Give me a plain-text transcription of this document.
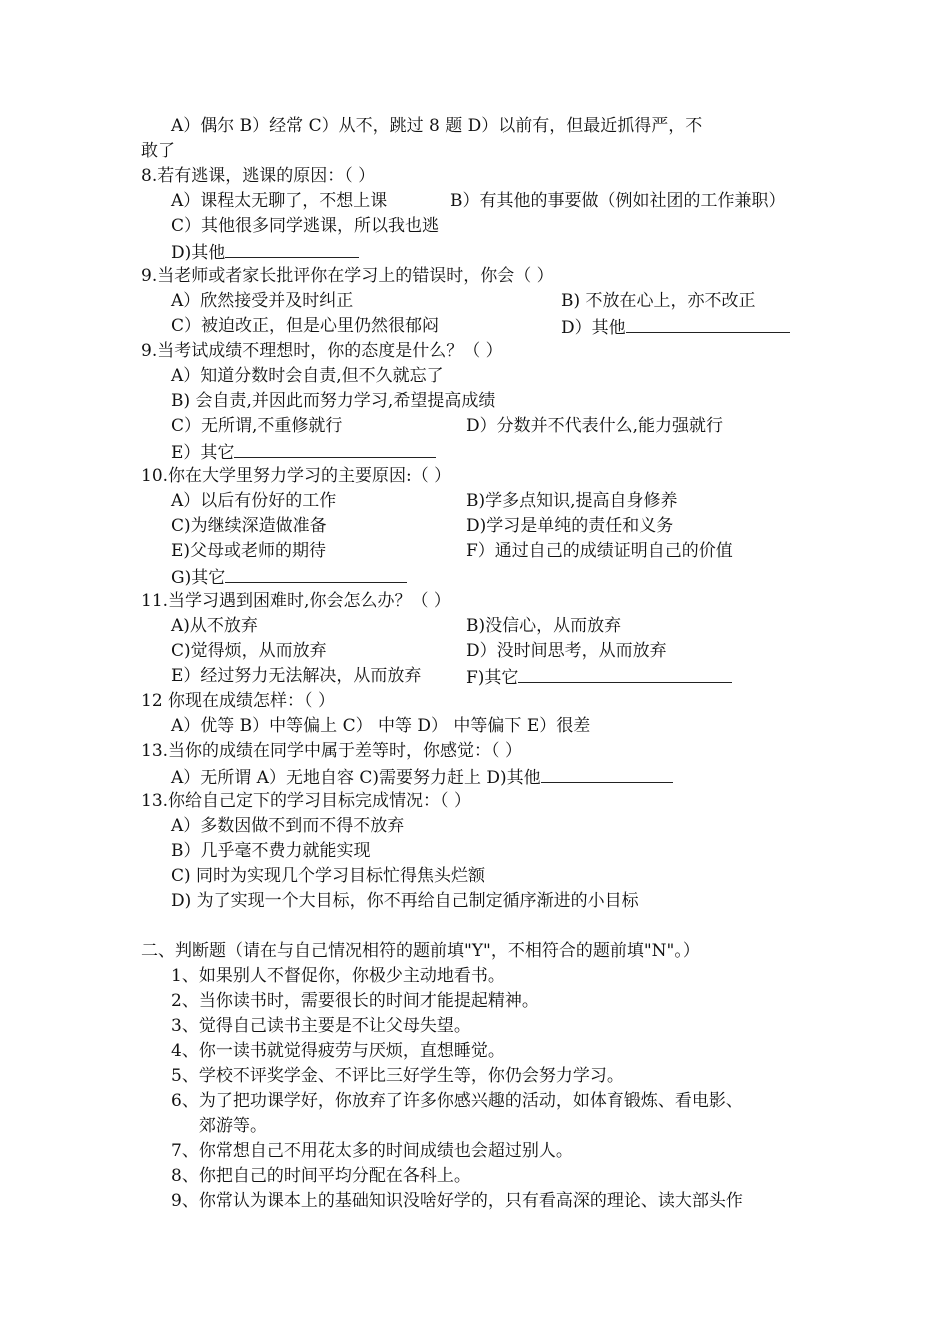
A）偶尔 B）经常 C）从不，跳过 8 题 D）以前有，但最近抓得严，不
敢了
8.若有逃课，逃课的原因：（ ）
A）课程太无聊了，不想上课	B）有其他的事要做（例如社团的工作兼职）
C）其他很多同学逃课，所以我也逃
D)其他
9.当老师或者家长批评你在学习上的错误时，你会（ ）
A）欣然接受并及时纠正	B) 不放在心上，亦不改正
C）被迫改正，但是心里仍然很郁闷	D）其他
9.当考试成绩不理想时，你的态度是什么？（ ）
A）知道分数时会自责,但不久就忘了
B) 会自责,并因此而努力学习,希望提高成绩
C）无所谓,不重修就行	D）分数并不代表什么,能力强就行
E）其它
10.你在大学里努力学习的主要原因:（ ）
A）以后有份好的工作	B)学多点知识,提高自身修养
C)为继续深造做准备	D)学习是单纯的责任和义务
E)父母或老师的期待	F）通过自己的成绩证明自己的价值
G)其它
11.当学习遇到困难时,你会怎么办？（ ）
A)从不放弃	B)没信心，从而放弃
C)觉得烦，从而放弃	D）没时间思考，从而放弃
E）经过努力无法解决，从而放弃	F)其它
12 你现在成绩怎样：（ ）
A）优等 B）中等偏上 C） 中等 D） 中等偏下 E）很差
13.当你的成绩在同学中属于差等时，你感觉：（ ）
A）无所谓 A）无地自容 C)需要努力赶上 D)其他
13.你给自己定下的学习目标完成情况：（ ）
A）多数因做不到而不得不放弃
B）几乎毫不费力就能实现
C) 同时为实现几个学习目标忙得焦头烂额
D) 为了实现一个大目标，你不再给自己制定循序渐进的小目标
二、判断题（请在与自己情况相符的题前填"Y"，不相符合的题前填"N"。）
1、如果别人不督促你，你极少主动地看书。
2、当你读书时，需要很长的时间才能提起精神。
3、觉得自己读书主要是不让父母失望。
4、你一读书就觉得疲劳与厌烦，直想睡觉。
5、学校不评奖学金、不评比三好学生等，你仍会努力学习。
6、为了把功课学好，你放弃了许多你感兴趣的活动，如体育锻炼、看电影、
郊游等。
7、你常想自己不用花太多的时间成绩也会超过别人。
8、你把自己的时间平均分配在各科上。
9、你常认为课本上的基础知识没啥好学的，只有看高深的理论、读大部头作
